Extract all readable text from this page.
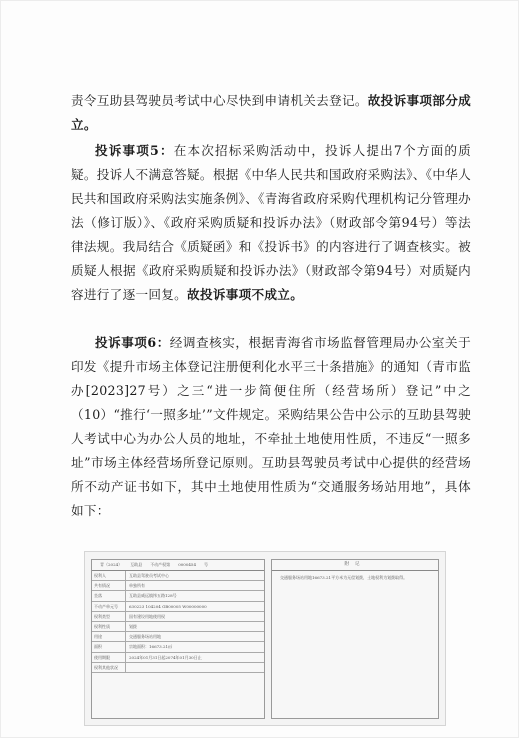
责令互助县驾驶员考试中心尽快到申请机关去登记。故投诉事项部分成立。

投诉事项5：在本次招标采购活动中，投诉人提出7个方面的质疑。投诉人不满意答疑。根据《中华人民共和国政府采购法》、《中华人民共和国政府采购法实施条例》、《青海省政府采购代理机构记分管理办法（修订版）》、《政府采购质疑和投诉办法》（财政部令第94号）等法律法规。我局结合《质疑函》和《投诉书》的内容进行了调查核实。被质疑人根据《政府采购质疑和投诉办法》（财政部令第94号）对质疑内容进行了逐一回复。故投诉事项不成立。

投诉事项6：经调查核实，根据青海省市场监督管理局办公室关于印发《提升市场主体登记注册便利化水平三十条措施》的通知（青市监办[2023]27号）之三“进一步简便住所（经营场所）登记”中之（10）“推行‘一照多址’”文件规定。采购结果公告中公示的互助县驾驶人考试中心为办公人员的地址，不牵扯土地使用性质，不违反“一照多址”市场主体经营场所登记原则。互助县驾驶员考试中心提供的经营场所不动产证书如下，其中土地使用性质为“交通服务场站用地”，具体如下：

青（2024） 互助县 不动产权第 0000454 号
权利人	互助县驾驶员考试中心
共有情况	单独所有
坐落	互助县威远镇纬五路128号
不动产单元号	630223 104204 GB00005 W00000000
权利类型	国有建设用地使用权
权利性质	划拨
用途	交通服务场站用地
面积	宗地面积：16673.21㎡
使用期限	2024年01月31日起2074年01月30日止
权利其他状况
附记
交通服务场站用地16673.21平方米为无偿划拨，土地权利为划拨取得。
